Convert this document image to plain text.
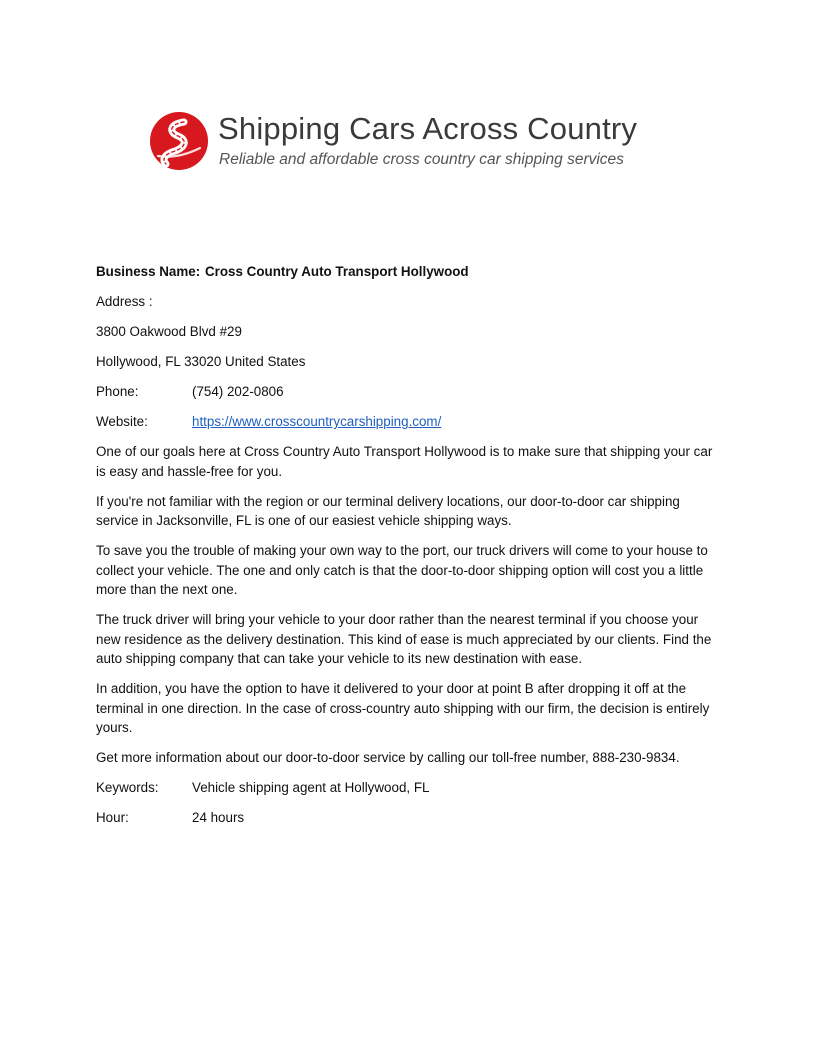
Shipping Cars Across Country
Reliable and affordable cross country car shipping services
Business Name: Cross Country Auto Transport Hollywood
Address :
3800 Oakwood Blvd #29
Hollywood, FL 33020 United States
Phone:	(754) 202-0806
Website:	https://www.crosscountrycarshipping.com/

One of our goals here at Cross Country Auto Transport Hollywood is to make sure that shipping your car is easy and hassle-free for you.

If you're not familiar with the region or our terminal delivery locations, our door-to-door car shipping service in Jacksonville, FL is one of our easiest vehicle shipping ways.

To save you the trouble of making your own way to the port, our truck drivers will come to your house to collect your vehicle. The one and only catch is that the door-to-door shipping option will cost you a little more than the next one.

The truck driver will bring your vehicle to your door rather than the nearest terminal if you choose your new residence as the delivery destination. This kind of ease is much appreciated by our clients. Find the auto shipping company that can take your vehicle to its new destination with ease.

In addition, you have the option to have it delivered to your door at point B after dropping it off at the terminal in one direction. In the case of cross-country auto shipping with our firm, the decision is entirely yours.

Get more information about our door-to-door service by calling our toll-free number, 888-230-9834.

Keywords: Vehicle shipping agent at Hollywood, FL
Hour:	24 hours
